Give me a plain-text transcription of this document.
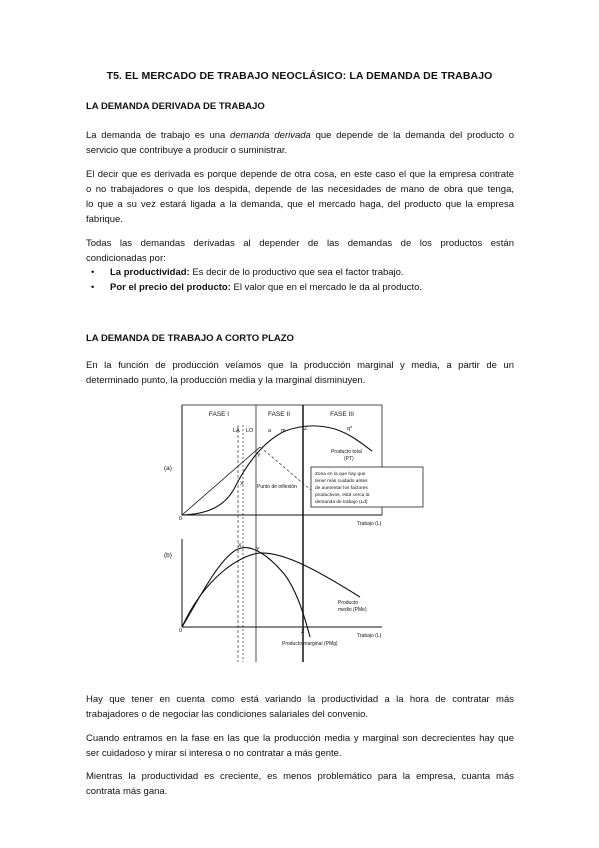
T5. EL MERCADO DE TRABAJO NEOCLÁSICO: LA DEMANDA DE TRABAJO
LA DEMANDA DERIVADA DE TRABAJO
La demanda de trabajo es una demanda derivada que depende de la demanda del producto o
servicio que contribuye a producir o suministrar.
El decir que es derivada es porque depende de otra cosa, en este caso el que la empresa contrate
o no trabajadores o que los despida, depende de las necesidades de mano de obra que tenga,
lo que a su vez estará ligada a la demanda, que el mercado haga, del producto que la empresa
fabrique.
Todas las demandas derivadas al depender de las demandas de los productos están
condicionadas por:
• La productividad: Es decir de lo productivo que sea el factor trabajo.
• Por el precio del producto: El valor que en el mercado le da al producto.
LA DEMANDA DE TRABAJO A CORTO PLAZO
En la función de producción veíamos que la producción marginal y media, a partir de un
determinado punto, la producción media y la marginal disminuyen.
FASE I	FASE II	FASE III
LA LO	a m	Z	q*
(a)
Y
X
0
Producto total
(PT)
Punto de inflexión
Zona en la que hay que
tener más cuidado antes
de aumentar los factores
productivos, está cerca la
demanda de trabajo (Ld)
Trabajo (L)
(b)
0
X
Y
Z
Producto
medio (PMe)
Trabajo (L)
Producto marginal (PMg)
Hay que tener en cuenta como está variando la productividad a la hora de contratar más
trabajadores o de negociar las condiciones salariales del convenio.
Cuando entramos en la fase en las que la producción media y marginal son decrecientes hay que
ser cuidadoso y mirar si interesa o no contratar a más gente.
Mientras la productividad es creciente, es menos problemático para la empresa, cuanta más
contrata más gana.
